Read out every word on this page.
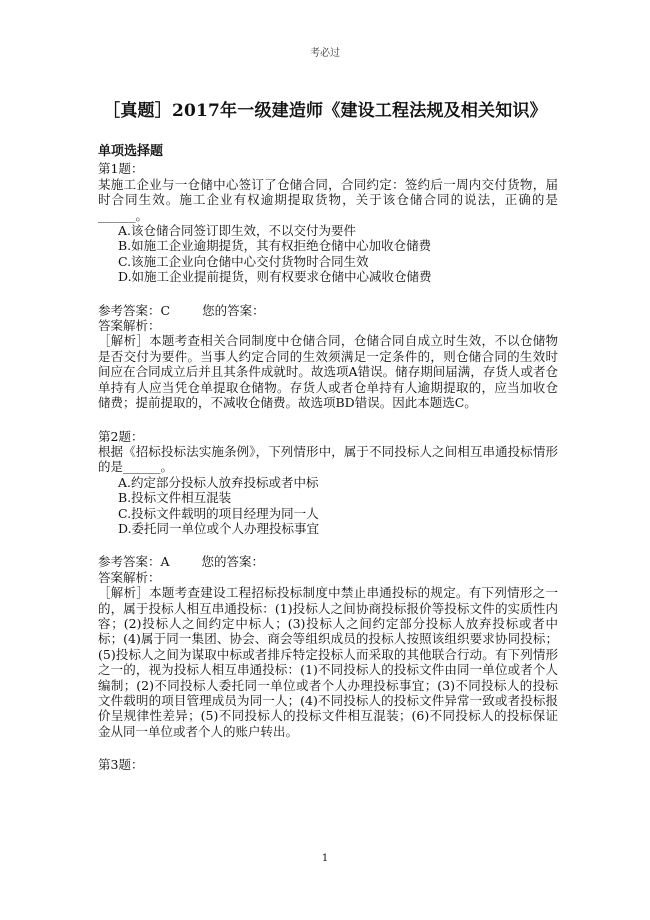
考必过
［真题］2017年一级建造师《建设工程法规及相关知识》
单项选择题

第1题：

某施工企业与一仓储中心签订了仓储合同，合同约定：签约后一周内交付货物，届时合同生效。施工企业有权逾期提取货物，关于该仓储合同的说法，正确的是______。

A.该仓储合同签订即生效，不以交付为要件

B.如施工企业逾期提货，其有权拒绝仓储中心加收仓储费

C.该施工企业向仓储中心交付货物时合同生效

D.如施工企业提前提货，则有权要求仓储中心减收仓储费

参考答案：C	您的答案：

答案解析：

［解析］本题考查相关合同制度中仓储合同，仓储合同自成立时生效，不以仓储物是否交付为要件。当事人约定合同的生效须满足一定条件的，则仓储合同的生效时间应在合同成立后并且其条件成就时。故选项A错误。储存期间届满，存货人或者仓单持有人应当凭仓单提取仓储物。存货人或者仓单持有人逾期提取的，应当加收仓储费；提前提取的，不减收仓储费。故选项BD错误。因此本题选C。

第2题：

根据《招标投标法实施条例》，下列情形中，属于不同投标人之间相互串通投标情形的是______。

A.约定部分投标人放弃投标或者中标

B.投标文件相互混装

C.投标文件载明的项目经理为同一人

D.委托同一单位或个人办理投标事宜

参考答案：A	您的答案：

答案解析：

［解析］本题考查建设工程招标投标制度中禁止串通投标的规定。有下列情形之一的，属于投标人相互串通投标：(1)投标人之间协商投标报价等投标文件的实质性内容；(2)投标人之间约定中标人；(3)投标人之间约定部分投标人放弃投标或者中标；(4)属于同一集团、协会、商会等组织成员的投标人按照该组织要求协同投标；(5)投标人之间为谋取中标或者排斥特定投标人而采取的其他联合行动。有下列情形之一的，视为投标人相互串通投标：(1)不同投标人的投标文件由同一单位或者个人编制；(2)不同投标人委托同一单位或者个人办理投标事宜；(3)不同投标人的投标文件载明的项目管理成员为同一人；(4)不同投标人的投标文件异常一致或者投标报价呈规律性差异；(5)不同投标人的投标文件相互混装；(6)不同投标人的投标保证金从同一单位或者个人的账户转出。

第3题：

1
